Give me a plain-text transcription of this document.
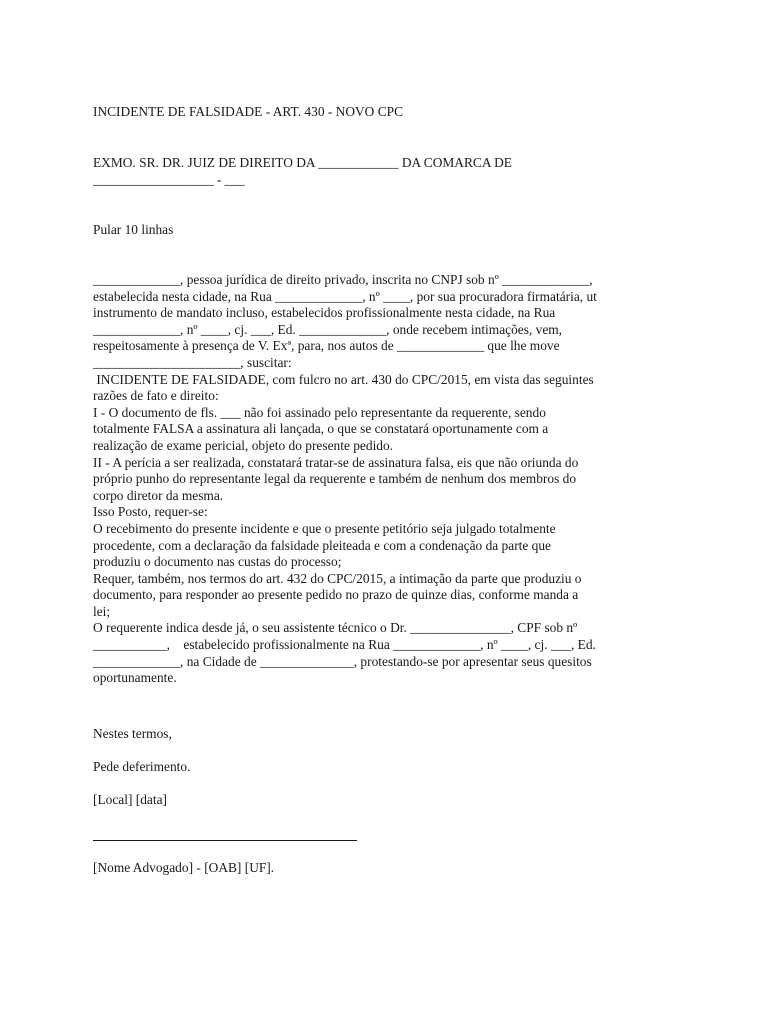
INCIDENTE DE FALSIDADE - ART. 430 - NOVO CPC
EXMO. SR. DR. JUIZ DE DIREITO DA ____________ DA COMARCA DE
__________________ - ___
Pular 10 linhas
_____________, pessoa jurídica de direito privado, inscrita no CNPJ sob nº _____________,
estabelecida nesta cidade, na Rua _____________, nº ____, por sua procuradora firmatária, ut
instrumento de mandato incluso, estabelecidos profissionalmente nesta cidade, na Rua
_____________, nº ____, cj. ___, Ed. _____________, onde recebem intimações, vem,
respeitosamente à presença de V. Exª, para, nos autos de _____________ que lhe move
______________________, suscitar:
INCIDENTE DE FALSIDADE, com fulcro no art. 430 do CPC/2015, em vista das seguintes
razões de fato e direito:
I - O documento de fls. ___ não foi assinado pelo representante da requerente, sendo
totalmente FALSA a assinatura ali lançada, o que se constatará oportunamente com a
realização de exame pericial, objeto do presente pedido.
II - A perícia a ser realizada, constatará tratar-se de assinatura falsa, eis que não oriunda do
próprio punho do representante legal da requerente e também de nenhum dos membros do
corpo diretor da mesma.
Isso Posto, requer-se:
O recebimento do presente incidente e que o presente petitório seja julgado totalmente
procedente, com a declaração da falsidade pleiteada e com a condenação da parte que
produziu o documento nas custas do processo;
Requer, também, nos termos do art. 432 do CPC/2015, a intimação da parte que produziu o
documento, para responder ao presente pedido no prazo de quinze dias, conforme manda a
lei;
O requerente indica desde já, o seu assistente técnico o Dr. _______________, CPF sob nº
___________,    estabelecido profissionalmente na Rua _____________, nº ____, cj. ___, Ed.
_____________, na Cidade de ______________, protestando-se por apresentar seus quesitos
oportunamente.
Nestes termos,
Pede deferimento.
[Local] [data]
[Nome Advogado] - [OAB] [UF].
